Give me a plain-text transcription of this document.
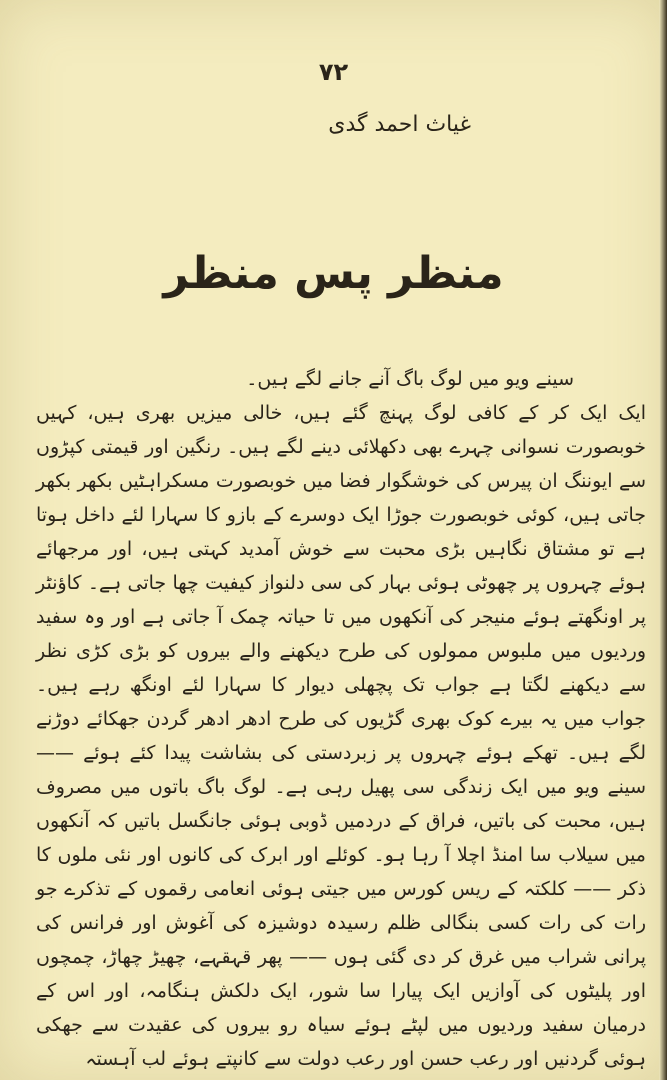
٧٢
غیاث احمد گدی
منظر پس منظر

سینے ویو میں لوگ باگ آنے جانے لگے ہیں۔

ایک ایک کر کے کافی لوگ پہنچ گئے ہیں، خالی میزیں بھری ہیں، کہیں خوبصورت نسوانی چہرے بھی دکھلائی دینے لگے ہیں۔ رنگین اور قیمتی کپڑوں سے ایوننگ ان پیرس کی خوشگوار فضا میں خوبصورت مسکراہٹیں بکھر بکھر جاتی ہیں، کوئی خوبصورت جوڑا ایک دوسرے کے بازو کا سہارا لئے داخل ہوتا ہے تو مشتاق نگاہیں بڑی محبت سے خوش آمدید کہتی ہیں، اور مرجھائے ہوئے چہروں پر چھوٹی ہوئی بہار کی سی دلنواز کیفیت چھا جاتی ہے۔ کاؤنٹر پر اونگھتے ہوئے منیجر کی آنکھوں میں تا حیاتہ چمک آ جاتی ہے اور وہ سفید وردیوں میں ملبوس ممولوں کی طرح دیکھنے والے بیروں کو بڑی کڑی نظر سے دیکھنے لگتا ہے جواب تک پچھلی دیوار کا سہارا لئے اونگھ رہے ہیں۔ جواب میں یہ بیرے کوک بھری گڑیوں کی طرح ادھر ادھر گردن جھکائے دوڑنے لگے ہیں۔ تھکے ہوئے چہروں پر زبردستی کی بشاشت پیدا کئے ہوئے —— سینے ویو میں ایک زندگی سی پھیل رہی ہے۔ لوگ باگ باتوں میں مصروف ہیں، محبت کی باتیں، فراق کے دردمیں ڈوبی ہوئی جانگسل باتیں کہ آنکھوں میں سیلاب سا امنڈ اچلا آ رہا ہو۔ کوئلے اور ابرک کی کانوں اور نئی ملوں کا ذکر —— کلکتہ کے ریس کورس میں جیتی ہوئی انعامی رقموں کے تذکرے جو رات کی رات کسی بنگالی ظلم رسیدہ دوشیزہ کی آغوش اور فرانس کی پرانی شراب میں غرق کر دی گئی ہوں —— پھر قہقہے، چھیڑ چھاڑ، چمچوں اور پلیٹوں کی آوازیں ایک پیارا سا شور، ایک دلکش ہنگامہ، اور اس کے درمیان سفید وردیوں میں لپٹے ہوئے سیاہ رو بیروں کی عقیدت سے جھکی ہوئی گردنیں اور رعب حسن اور رعب دولت سے کانپتے ہوئے لب آہستہ
